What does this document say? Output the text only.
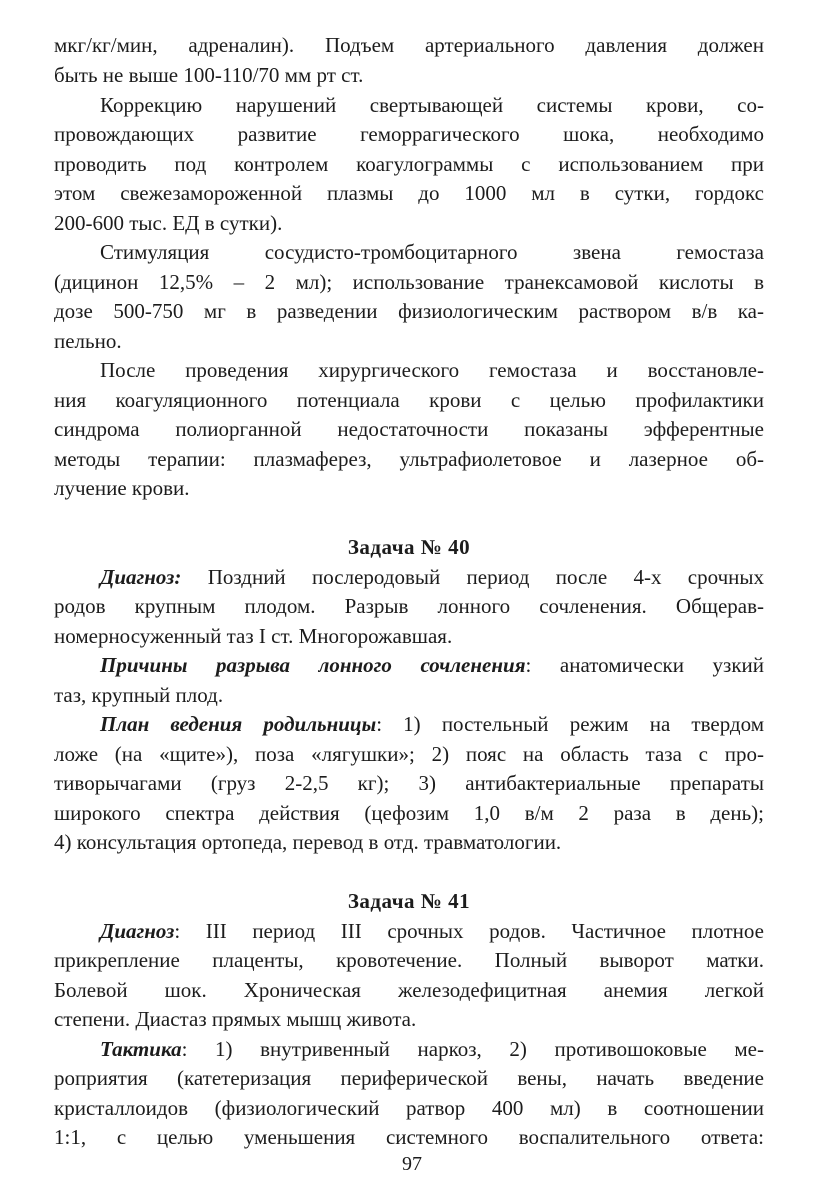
мкг/кг/мин, адреналин). Подъем артериального давления должен
быть не выше 100-110/70 мм рт ст.
Коррекцию нарушений свертывающей системы крови, со-
провождающих развитие геморрагического шока, необходимо
проводить под контролем коагулограммы с использованием при
этом свежезамороженной плазмы до 1000 мл в сутки, гордокс
200-600 тыс. ЕД в сутки).
Стимуляция сосудисто-тромбоцитарного звена гемостаза
(дицинон 12,5% – 2 мл); использование транексамовой кислоты в
дозе 500-750 мг в разведении физиологическим раствором в/в ка-
пельно.
После проведения хирургического гемостаза и восстановле-
ния коагуляционного потенциала крови с целью профилактики
синдрома полиорганной недостаточности показаны эфферентные
методы терапии: плазмаферез, ультрафиолетовое и лазерное об-
лучение крови.
Задача № 40
Диагноз: Поздний послеродовый период после 4-х срочных
родов крупным плодом. Разрыв лонного сочленения. Общерав-
номерносуженный таз I ст. Многорожавшая.
Причины разрыва лонного сочленения: анатомически узкий
таз, крупный плод.
План ведения родильницы: 1) постельный режим на твердом
ложе (на «щите»), поза «лягушки»; 2) пояс на область таза с про-
тиворычагами (груз 2-2,5 кг); 3) антибактериальные препараты
широкого спектра действия (цефозим 1,0 в/м 2 раза в день);
4) консультация ортопеда, перевод в отд. травматологии.
Задача № 41
Диагноз: III период III срочных родов. Частичное плотное
прикрепление плаценты, кровотечение. Полный выворот матки.
Болевой шок. Хроническая железодефицитная анемия легкой
степени. Диастаз прямых мышц живота.
Тактика: 1) внутривенный наркоз, 2) противошоковые ме-
роприятия (катетеризация периферической вены, начать введение
кристаллоидов (физиологический ратвор 400 мл) в соотношении
1:1, с целью уменьшения системного воспалительного ответа:
97
